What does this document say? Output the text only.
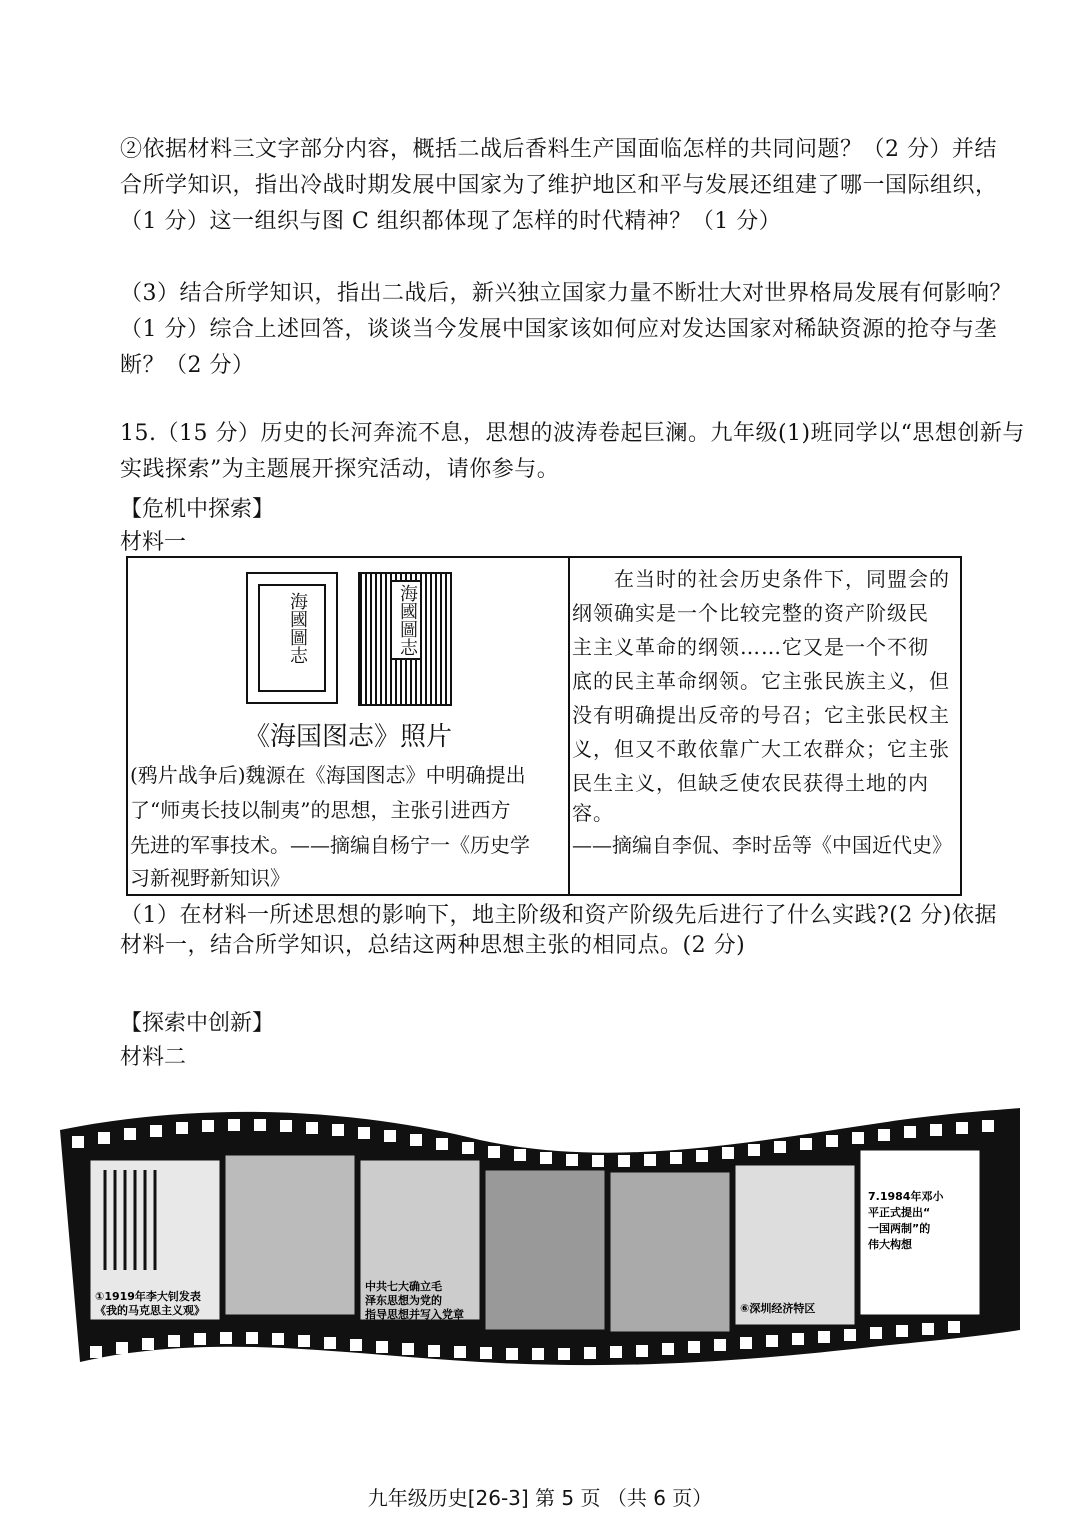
②依据材料三文字部分内容，概括二战后香料生产国面临怎样的共同问题？（2 分）并结
合所学知识，指出冷战时期发展中国家为了维护地区和平与发展还组建了哪一国际组织，
（1 分）这一组织与图 C 组织都体现了怎样的时代精神？（1 分）
（3）结合所学知识，指出二战后，新兴独立国家力量不断壮大对世界格局发展有何影响？
（1 分）综合上述回答，谈谈当今发展中国家该如何应对发达国家对稀缺资源的抢夺与垄
断？（2 分）
15.（15 分）历史的长河奔流不息，思想的波涛卷起巨澜。九年级(1)班同学以“思想创新与
实践探索”为主题展开探究活动，请你参与。
【危机中探索】
材料一
海國圖志	海國圖志
《海国图志》照片
(鸦片战争后)魏源在《海国图志》中明确提出
了“师夷长技以制夷”的思想，主张引进西方
先进的军事技术。——摘编自杨宁一《历史学
习新视野新知识》
　　在当时的社会历史条件下，同盟会的
纲领确实是一个比较完整的资产阶级民
主主义革命的纲领……它又是一个不彻
底的民主革命纲领。它主张民族主义，但
没有明确提出反帝的号召；它主张民权主
义，但又不敢依靠广大工农群众；它主张
民生主义，但缺乏使农民获得土地的内
容。
——摘编自李侃、李时岳等《中国近代史》
（1）在材料一所述思想的影响下，地主阶级和资产阶级先后进行了什么实践?(2 分)依据
材料一，结合所学知识，总结这两种思想主张的相同点。(2 分)
【探索中创新】
材料二
①1919年李大钊发表
《我的马克思主义观》
中共七大确立毛
泽东思想为党的
指导思想并写入党章	⑥深圳经济特区
7.1984年邓小
平正式提出“
一国两制”的
伟大构想
九年级历史[26-3] 第 5 页 （共 6 页）
